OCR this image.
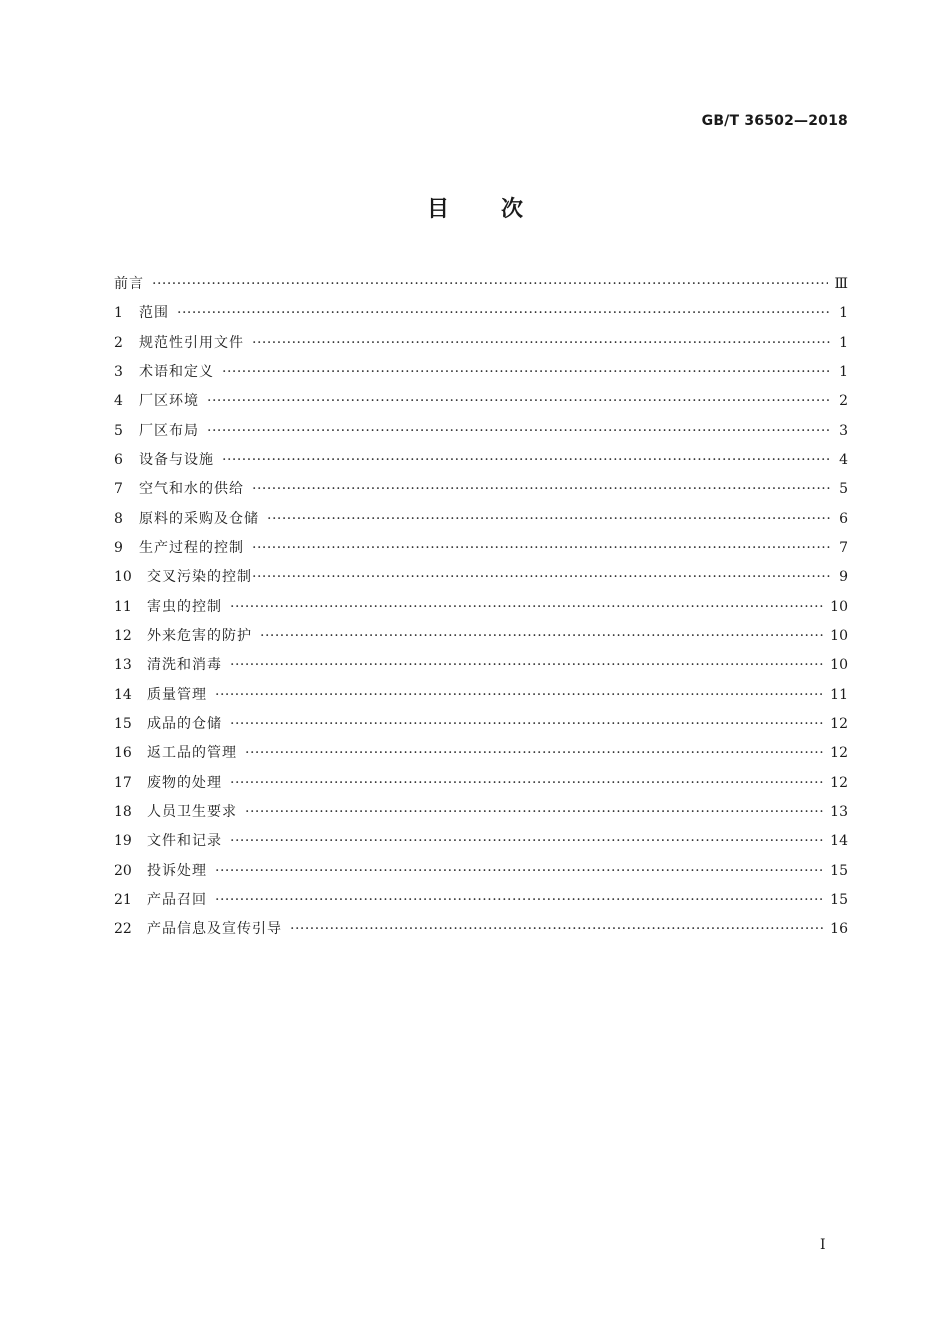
GB/T 36502—2018
目次
前言 ·····	Ⅲ
1	范围 ·····	1
2	规范性引用文件 ·····	1
3	术语和定义 ·····	1
4	厂区环境 ·····	2
5	厂区布局 ·····	3
6	设备与设施 ·····	4
7	空气和水的供给 ·····	5
8	原料的采购及仓储 ·····	6
9	生产过程的控制 ·····	7
10	交叉污染的控制 ·····	9
11	害虫的控制 ·····	10
12	外来危害的防护 ·····	10
13	清洗和消毒 ·····	10
14	质量管理 ·····	11
15	成品的仓储 ·····	12
16	返工品的管理 ·····	12
17	废物的处理 ·····	12
18	人员卫生要求 ·····	13
19	文件和记录 ·····	14
20	投诉处理 ·····	15
21	产品召回 ·····	15
22	产品信息及宣传引导 ·····	16
I
